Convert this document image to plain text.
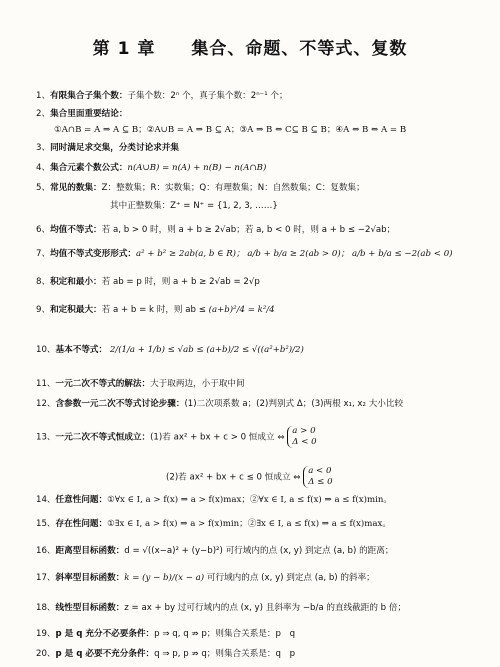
第 1 章　　集合、命题、不等式、复数
1、有限集合子集个数：子集个数：2ⁿ 个，真子集个数：2ⁿ⁻¹ 个；
2、集合里面重要结论：
①A∩B = A ⇒ A ⊆ B；②A∪B = A ⇒ B ⊆ A；③A ⇒ B ⇔ C⊆ B ⊆ B；④A ⇔ B ⇔ A = B
3、同时满足求交集，分类讨论求并集
4、集合元素个数公式：n(A∪B) = n(A) + n(B) − n(A∩B)
5、常见的数集：Z：整数集；R：实数集；Q：有理数集；N：自然数集；C：复数集；
其中正整数集：Z⁺ = N⁺ = {1, 2, 3, ……}
6、均值不等式：若 a, b > 0 时，则 a + b ≥ 2√ab；若 a, b < 0 时，则 a + b ≤ −2√ab；
7、均值不等式变形形式：a² + b² ≥ 2ab(a, b ∈ R)； a/b + b/a ≥ 2(ab > 0)； a/b + b/a ≤ −2(ab < 0)
8、积定和最小：若 ab = p 时，则 a + b ≥ 2√ab = 2√p
9、和定积最大：若 a + b = k 时，则 ab ≤ (a+b)²/4 = k²/4
10、基本不等式： 2/(1/a + 1/b) ≤ √ab ≤ (a+b)/2 ≤ √((a²+b²)/2)
11、一元二次不等式的解法：大于取两边，小于取中间
12、含参数一元二次不等式讨论步骤：(1)二次项系数 a；(2)判别式 Δ；(3)两根 x₁, x₂ 大小比较
13、一元二次不等式恒成立：(1)若 ax² + bx + c > 0 恒成立 ⇔ a > 0
Δ < 0
(2)若 ax² + bx + c ≤ 0 恒成立 ⇔ a < 0
Δ ≤ 0
14、任意性问题：①∀x ∈ I, a > f(x) ⇒ a > f(x)max；②∀x ∈ I, a ≤ f(x) ⇒ a ≤ f(x)min。
15、存在性问题：①∃x ∈ I, a > f(x) ⇒ a > f(x)min；②∃x ∈ I, a ≤ f(x) ⇒ a ≤ f(x)max。
16、距离型目标函数：d = √((x−a)² + (y−b)²) 可行域内的点 (x, y) 到定点 (a, b) 的距离；
17、斜率型目标函数：k = (y − b)/(x − a) 可行域内的点 (x, y) 到定点 (a, b) 的斜率；
18、线性型目标函数：z = ax + by 过可行域内的点 (x, y) 且斜率为 −b/a 的直线截距的 b 倍；
19、p 是 q 充分不必要条件：p ⇒ q, q ⇏ p；则集合关系是：p　q
20、p 是 q 必要不充分条件：q ⇒ p, p ⇏ q；则集合关系是：q　p
